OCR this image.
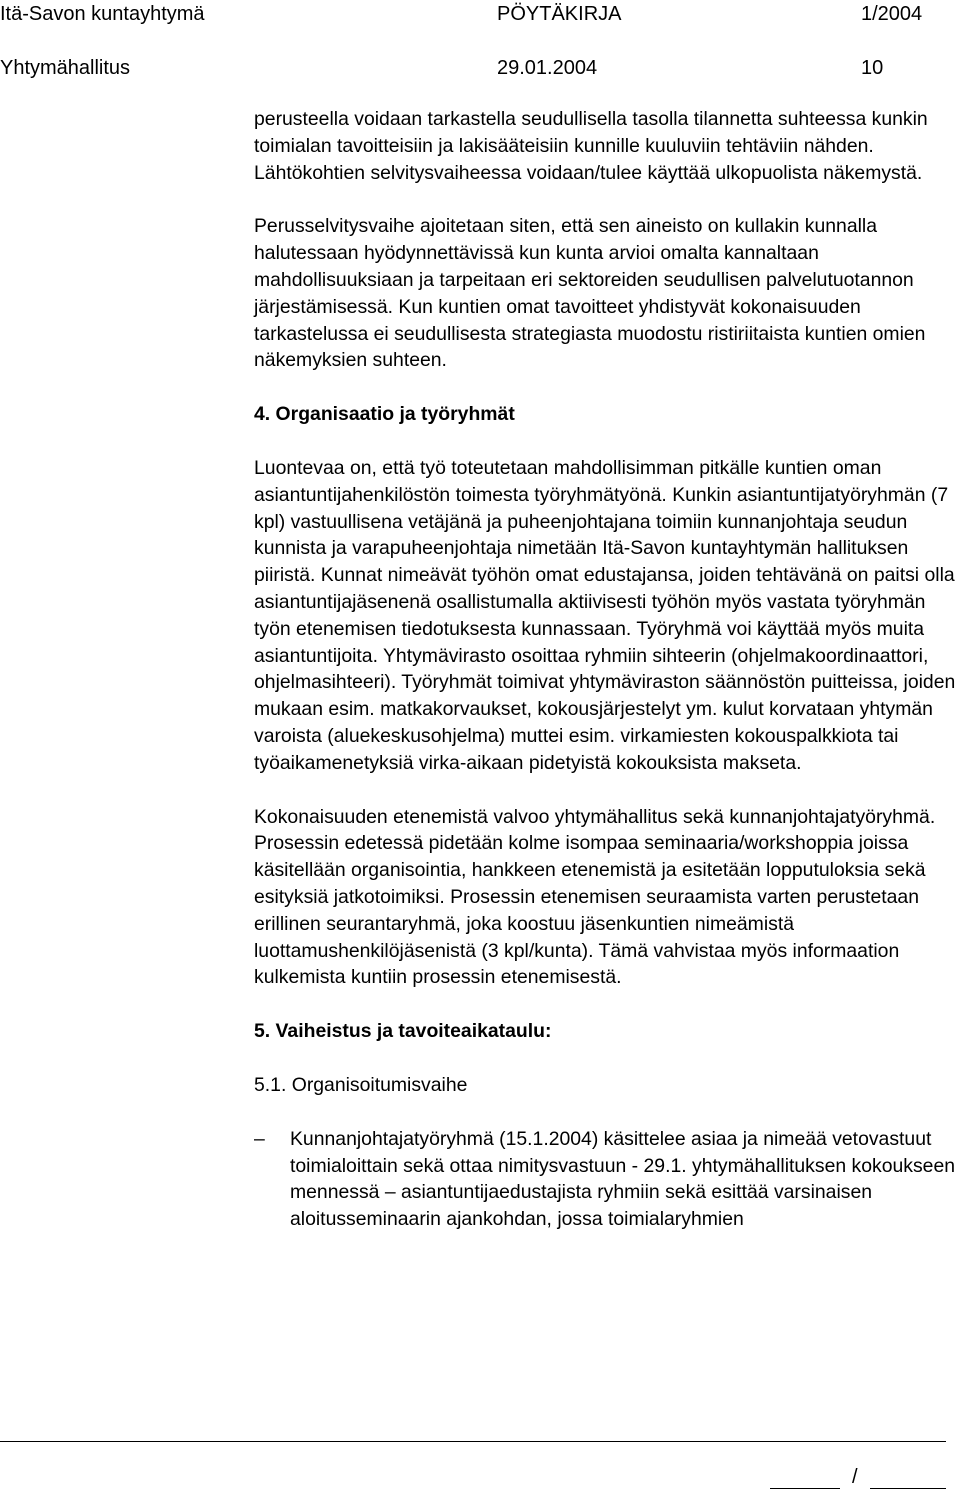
Itä-Savon kuntayhtymä	PÖYTÄKIRJA	1/2004
Yhtymähallitus	29.01.2004	10

perusteella voidaan tarkastella seudullisella tasolla tilannetta suhteessa kunkin toimialan tavoitteisiin ja lakisääteisiin kunnille kuuluviin tehtäviin nähden. Lähtökohtien selvitysvaiheessa voidaan/tulee käyttää ulkopuolista näkemystä.

Perusselvitysvaihe ajoitetaan siten, että sen aineisto on kullakin kunnalla halutessaan hyödynnettävissä kun kunta arvioi omalta kannaltaan mahdollisuuksiaan ja tarpeitaan eri sektoreiden seudullisen palvelutuotannon järjestämisessä. Kun kuntien omat tavoitteet yhdistyvät kokonaisuuden tarkastelussa ei seudullisesta strategiasta muodostu ristiriitaista kuntien omien näkemyksien suhteen.

4. Organisaatio ja työryhmät

Luontevaa on, että työ toteutetaan mahdollisimman pitkälle kuntien oman asiantuntijahenkilöstön toimesta työryhmätyönä. Kunkin asiantuntijatyöryhmän (7 kpl) vastuullisena vetäjänä ja puheenjohtajana toimiin kunnanjohtaja seudun kunnista ja varapuheenjohtaja nimetään Itä-Savon kuntayhtymän hallituksen piiristä. Kunnat nimeävät työhön omat edustajansa, joiden tehtävänä on paitsi olla asiantuntijajäsenenä osallistumalla aktiivisesti työhön myös vastata työryhmän työn etenemisen tiedotuksesta kunnassaan. Työryhmä voi käyttää myös muita asiantuntijoita. Yhtymävirasto osoittaa ryhmiin sihteerin (ohjelmakoordinaattori, ohjelmasihteeri). Työryhmät toimivat yhtymäviraston säännöstön puitteissa, joiden mukaan esim. matkakorvaukset, kokousjärjestelyt ym. kulut korvataan yhtymän varoista (aluekeskusohjelma) muttei esim. virkamiesten kokouspalkkiota tai työaikamenetyksiä virka-aikaan pidetyistä kokouksista makseta.

Kokonaisuuden etenemistä valvoo yhtymähallitus sekä kunnanjohtajatyöryhmä. Prosessin edetessä pidetään kolme isompaa seminaaria/workshoppia joissa käsitellään organisointia, hankkeen etenemistä ja esitetään lopputuloksia sekä esityksiä jatkotoimiksi. Prosessin etenemisen seuraamista varten perustetaan erillinen seurantaryhmä, joka koostuu jäsenkuntien nimeämistä luottamushenkilöjäsenistä (3 kpl/kunta). Tämä vahvistaa myös informaation kulkemista kuntiin prosessin etenemisestä.

5. Vaiheistus ja tavoiteaikataulu:

5.1. Organisoitumisvaihe

– Kunnanjohtajatyöryhmä (15.1.2004) käsittelee asiaa ja nimeää vetovastuut toimialoittain sekä ottaa nimitysvastuun - 29.1. yhtymähallituksen kokoukseen mennessä – asiantuntijaedustajista ryhmiin sekä esittää varsinaisen aloitusseminaarin ajankohdan, jossa toimialaryhmien
/
